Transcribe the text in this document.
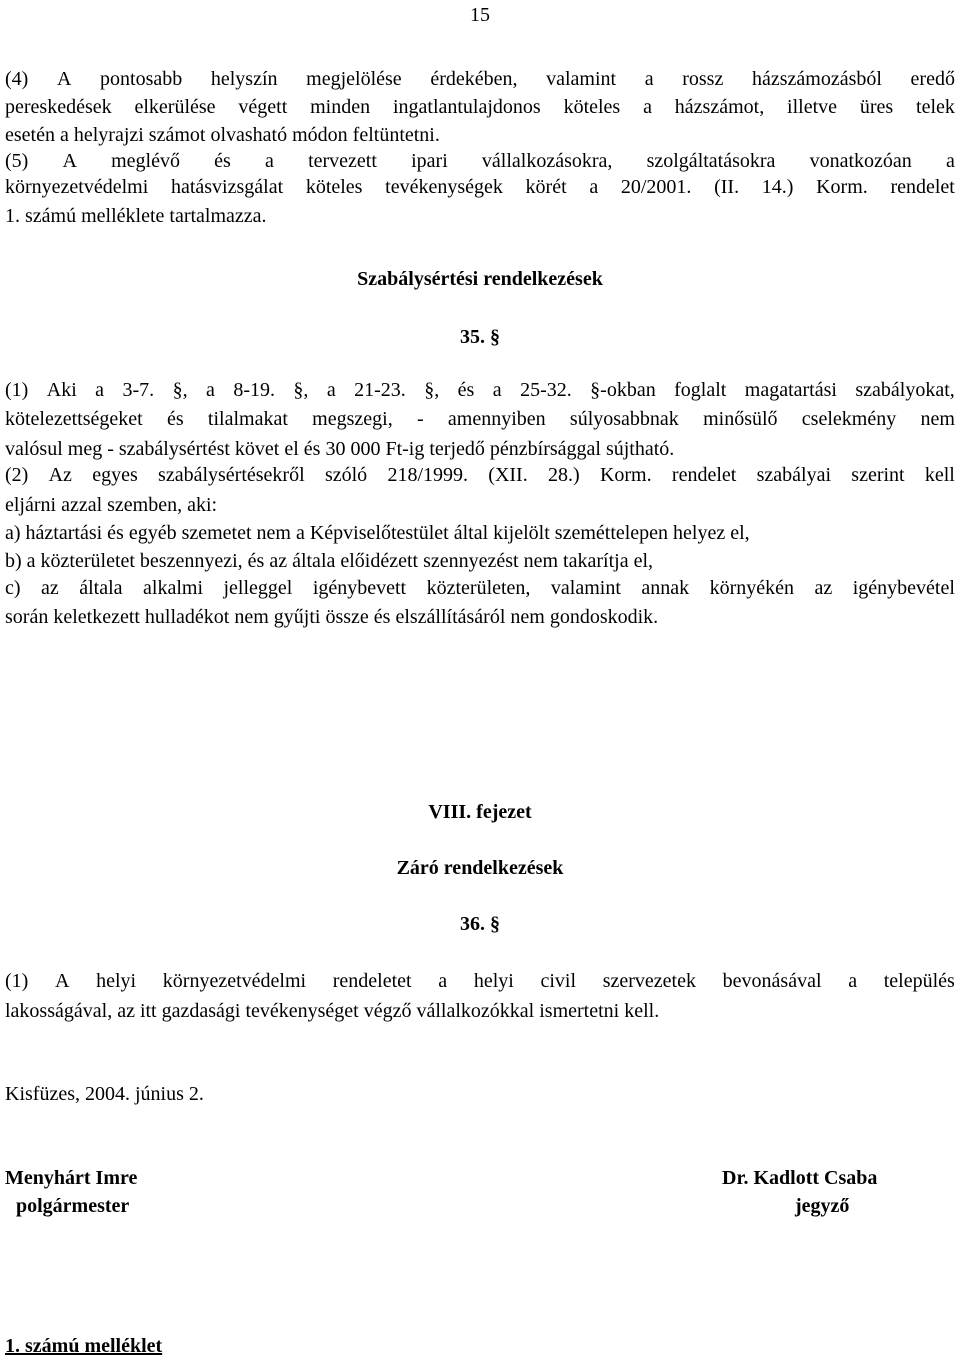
15
(4) A pontosabb helyszín megjelölése érdekében, valamint a rossz házszámozásból eredő
pereskedések elkerülése végett minden ingatlantulajdonos köteles a házszámot, illetve üres telek
esetén a helyrajzi számot olvasható módon feltüntetni.
(5) A meglévő és a tervezett ipari vállalkozásokra, szolgáltatásokra vonatkozóan a
környezetvédelmi hatásvizsgálat köteles tevékenységek körét a 20/2001. (II. 14.) Korm. rendelet
1. számú melléklete tartalmazza.
Szabálysértési rendelkezések
35. §
(1) Aki a 3-7. §, a 8-19. §, a 21-23. §, és a 25-32. §-okban foglalt magatartási szabályokat,
kötelezettségeket és tilalmakat megszegi, - amennyiben súlyosabbnak minősülő cselekmény nem
valósul meg - szabálysértést követ el és 30 000 Ft-ig terjedő pénzbírsággal sújtható.
(2) Az egyes szabálysértésekről szóló 218/1999. (XII. 28.) Korm. rendelet szabályai szerint kell
eljárni azzal szemben, aki:
a) háztartási és egyéb szemetet nem a Képviselőtestület által kijelölt szeméttelepen helyez el,
b) a közterületet beszennyezi, és az általa előidézett szennyezést nem takarítja el,
c) az általa alkalmi jelleggel igénybevett közterületen, valamint annak környékén az igénybevétel
során keletkezett hulladékot nem gyűjti össze és elszállításáról nem gondoskodik.
VIII. fejezet
Záró rendelkezések
36. §
(1) A helyi környezetvédelmi rendeletet a helyi civil szervezetek bevonásával a település
lakosságával, az itt gazdasági tevékenységet végző vállalkozókkal ismertetni kell.
Kisfüzes, 2004. június 2.
Menyhárt Imre
polgármester
Dr. Kadlott Csaba
jegyző
1. számú melléklet
